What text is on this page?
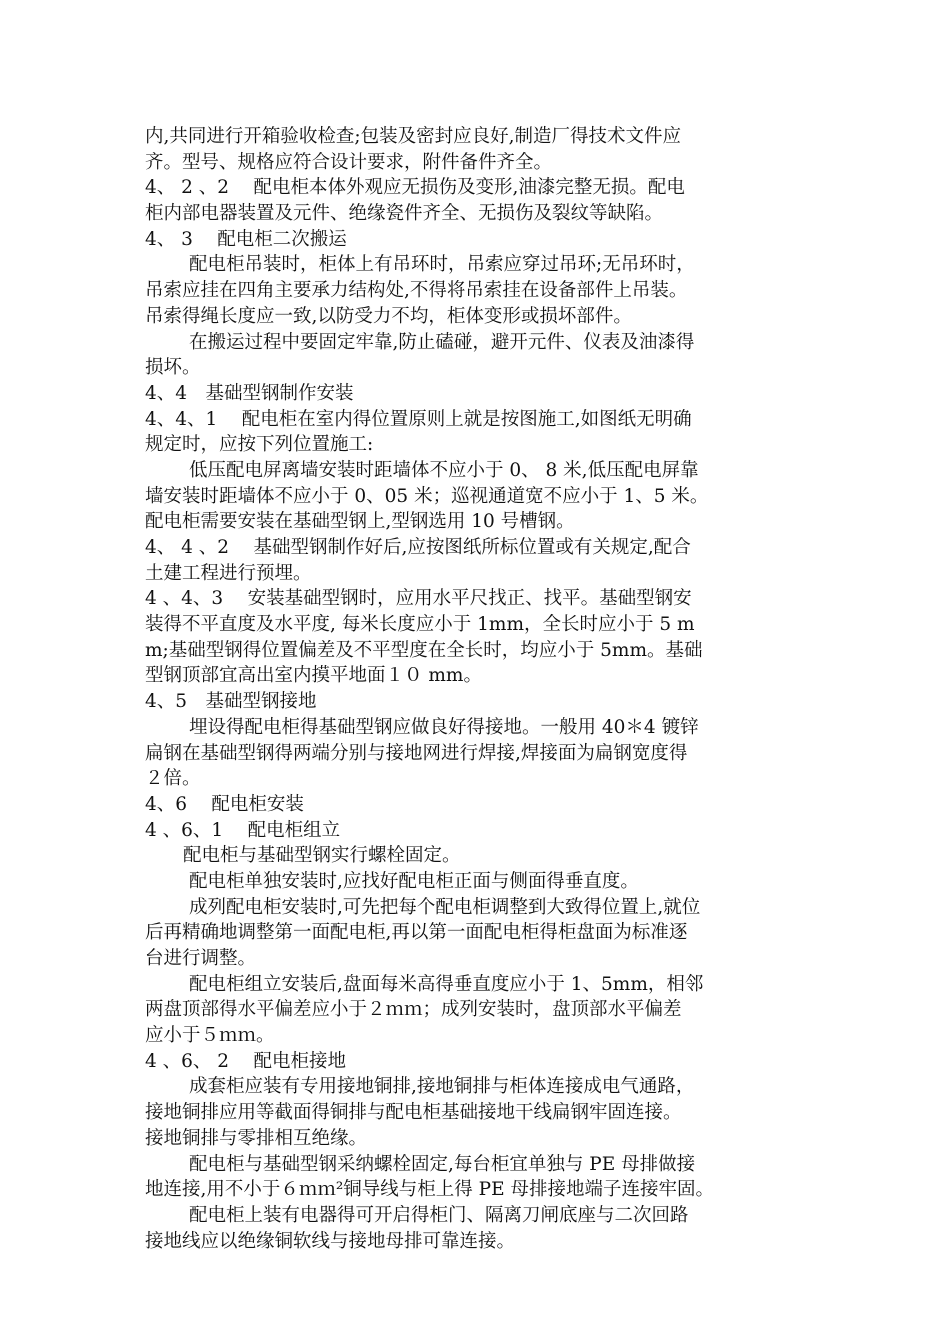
内,共同进行开箱验收检查;包装及密封应良好,制造厂得技术文件应
齐。型号、规格应符合设计要求，附件备件齐全。
4、 2 、2　 配电柜本体外观应无损伤及变形,油漆完整无损。配电
柜内部电器装置及元件、绝缘瓷件齐全、无损伤及裂纹等缺陷。
4、 3　 配电柜二次搬运
配电柜吊装时，柜体上有吊环时，吊索应穿过吊环;无吊环时，
吊索应挂在四角主要承力结构处,不得将吊索挂在设备部件上吊装。
吊索得绳长度应一致,以防受力不均，柜体变形或损坏部件。
在搬运过程中要固定牢靠,防止磕碰，避开元件、仪表及油漆得
损坏。
4、4　基础型钢制作安装
4、4、1　 配电柜在室内得位置原则上就是按图施工,如图纸无明确
规定时，应按下列位置施工:
低压配电屏离墙安装时距墙体不应小于 0、 8 米,低压配电屏靠
墙安装时距墙体不应小于 0、05 米；巡视通道宽不应小于 1、5 米。
配电柜需要安装在基础型钢上,型钢选用 10 号槽钢。
4、 4 、2　 基础型钢制作好后,应按图纸所标位置或有关规定,配合
土建工程进行预埋。
4 、4、3　 安装基础型钢时，应用水平尺找正、找平。基础型钢安
装得不平直度及水平度, 每米长度应小于 1mm，全长时应小于 5 m
m;基础型钢得位置偏差及不平型度在全长时，均应小于 5mm。基础
型钢顶部宜高出室内摸平地面１０ mm。
4、5　基础型钢接地
埋设得配电柜得基础型钢应做良好得接地。一般用 40＊4 镀锌
扁钢在基础型钢得两端分别与接地网进行焊接,焊接面为扁钢宽度得
２倍。
4、6　 配电柜安装
4 、6、1　 配电柜组立
配电柜与基础型钢实行螺栓固定。
配电柜单独安装时,应找好配电柜正面与侧面得垂直度。
成列配电柜安装时,可先把每个配电柜调整到大致得位置上,就位
后再精确地调整第一面配电柜,再以第一面配电柜得柜盘面为标准逐
台进行调整。
配电柜组立安装后,盘面每米高得垂直度应小于 1、5mm，相邻
两盘顶部得水平偏差应小于２ｍｍ；成列安装时，盘顶部水平偏差
应小于５ｍｍ。
4 、6、 2　 配电柜接地
成套柜应装有专用接地铜排,接地铜排与柜体连接成电气通路，
接地铜排应用等截面得铜排与配电柜基础接地干线扁钢牢固连接。
接地铜排与零排相互绝缘。
配电柜与基础型钢采纳螺栓固定,每台柜宜单独与 PE 母排做接
地连接,用不小于６ｍｍ²铜导线与柜上得 PE 母排接地端子连接牢固。
配电柜上装有电器得可开启得柜门、隔离刀闸底座与二次回路
接地线应以绝缘铜软线与接地母排可靠连接。
